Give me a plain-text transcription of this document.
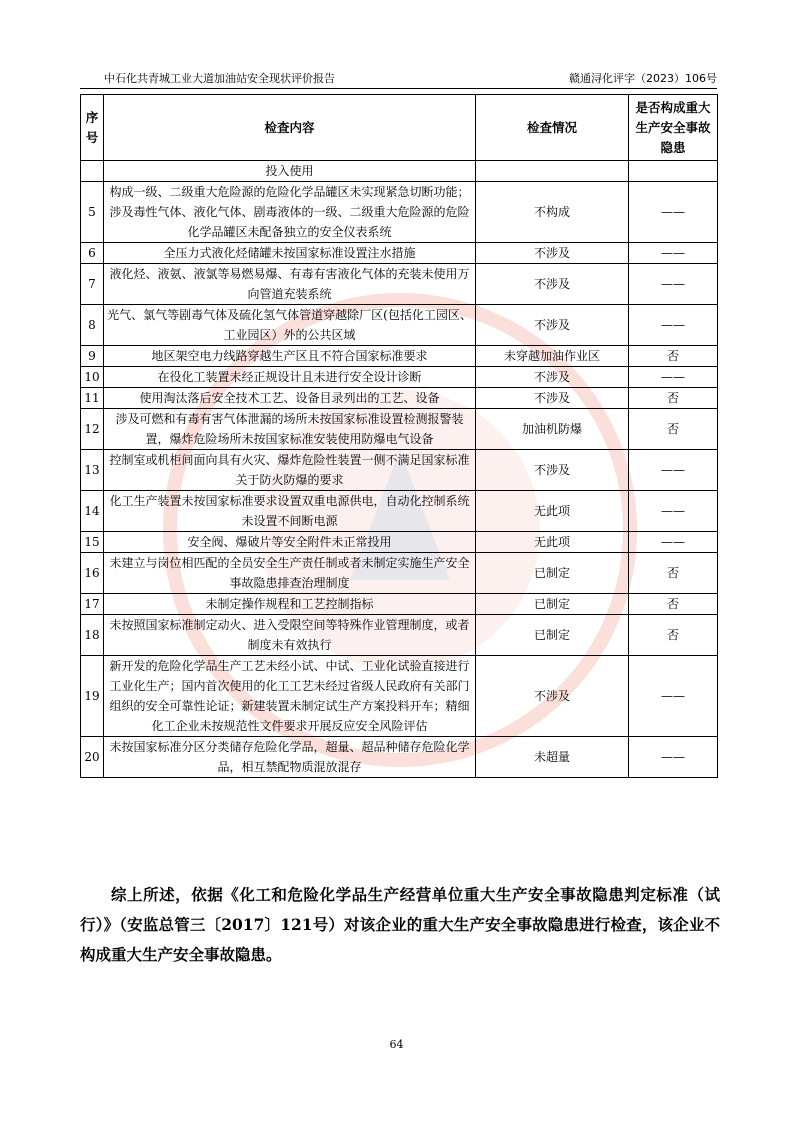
中石化共青城工业大道加油站安全现状评价报告	赣通浔化评字（2023）106号
序号	检查内容	检查情况	是否构成重大生产安全事故隐患
	投入使用		
5	构成一级、二级重大危险源的危险化学品罐区未实现紧急切断功能；涉及毒性气体、液化气体、剧毒液体的一级、二级重大危险源的危险化学品罐区未配备独立的安全仪表系统	不构成	——
6	全压力式液化烃储罐未按国家标准设置注水措施	不涉及	——
7	液化烃、液氨、液氯等易燃易爆、有毒有害液化气体的充装未使用万向管道充装系统	不涉及	——
8	光气、氯气等剧毒气体及硫化氢气体管道穿越除厂区(包括化工园区、工业园区）外的公共区域	不涉及	——
9	地区架空电力线路穿越生产区且不符合国家标准要求	未穿越加油作业区	否
10	在役化工装置未经正规设计且未进行安全设计诊断	不涉及	——
11	使用淘汰落后安全技术工艺、设备目录列出的工艺、设备	不涉及	否
12	涉及可燃和有毒有害气体泄漏的场所未按国家标准设置检测报警装置，爆炸危险场所未按国家标准安装使用防爆电气设备	加油机防爆	否
13	控制室或机柜间面向具有火灾、爆炸危险性装置一侧不满足国家标准关于防火防爆的要求	不涉及	——
14	化工生产装置未按国家标准要求设置双重电源供电，自动化控制系统未设置不间断电源	无此项	——
15	安全阀、爆破片等安全附件未正常投用	无此项	——
16	未建立与岗位相匹配的全员安全生产责任制或者未制定实施生产安全事故隐患排查治理制度	已制定	否
17	未制定操作规程和工艺控制指标	已制定	否
18	未按照国家标准制定动火、进入受限空间等特殊作业管理制度，或者制度未有效执行	已制定	否
19	新开发的危险化学品生产工艺未经小试、中试、工业化试验直接进行工业化生产；国内首次使用的化工工艺未经过省级人民政府有关部门组织的安全可靠性论证；新建装置未制定试生产方案投料开车；精细化工企业未按规范性文件要求开展反应安全风险评估	不涉及	——
20	未按国家标准分区分类储存危险化学品，超量、超品种储存危险化学品，相互禁配物质混放混存	未超量	——
综上所述，依据《化工和危险化学品生产经营单位重大生产安全事故隐患判定标准（试行）》（安监总管三〔2017〕121号）对该企业的重大生产安全事故隐患进行检查，该企业不构成重大生产安全事故隐患。
64
